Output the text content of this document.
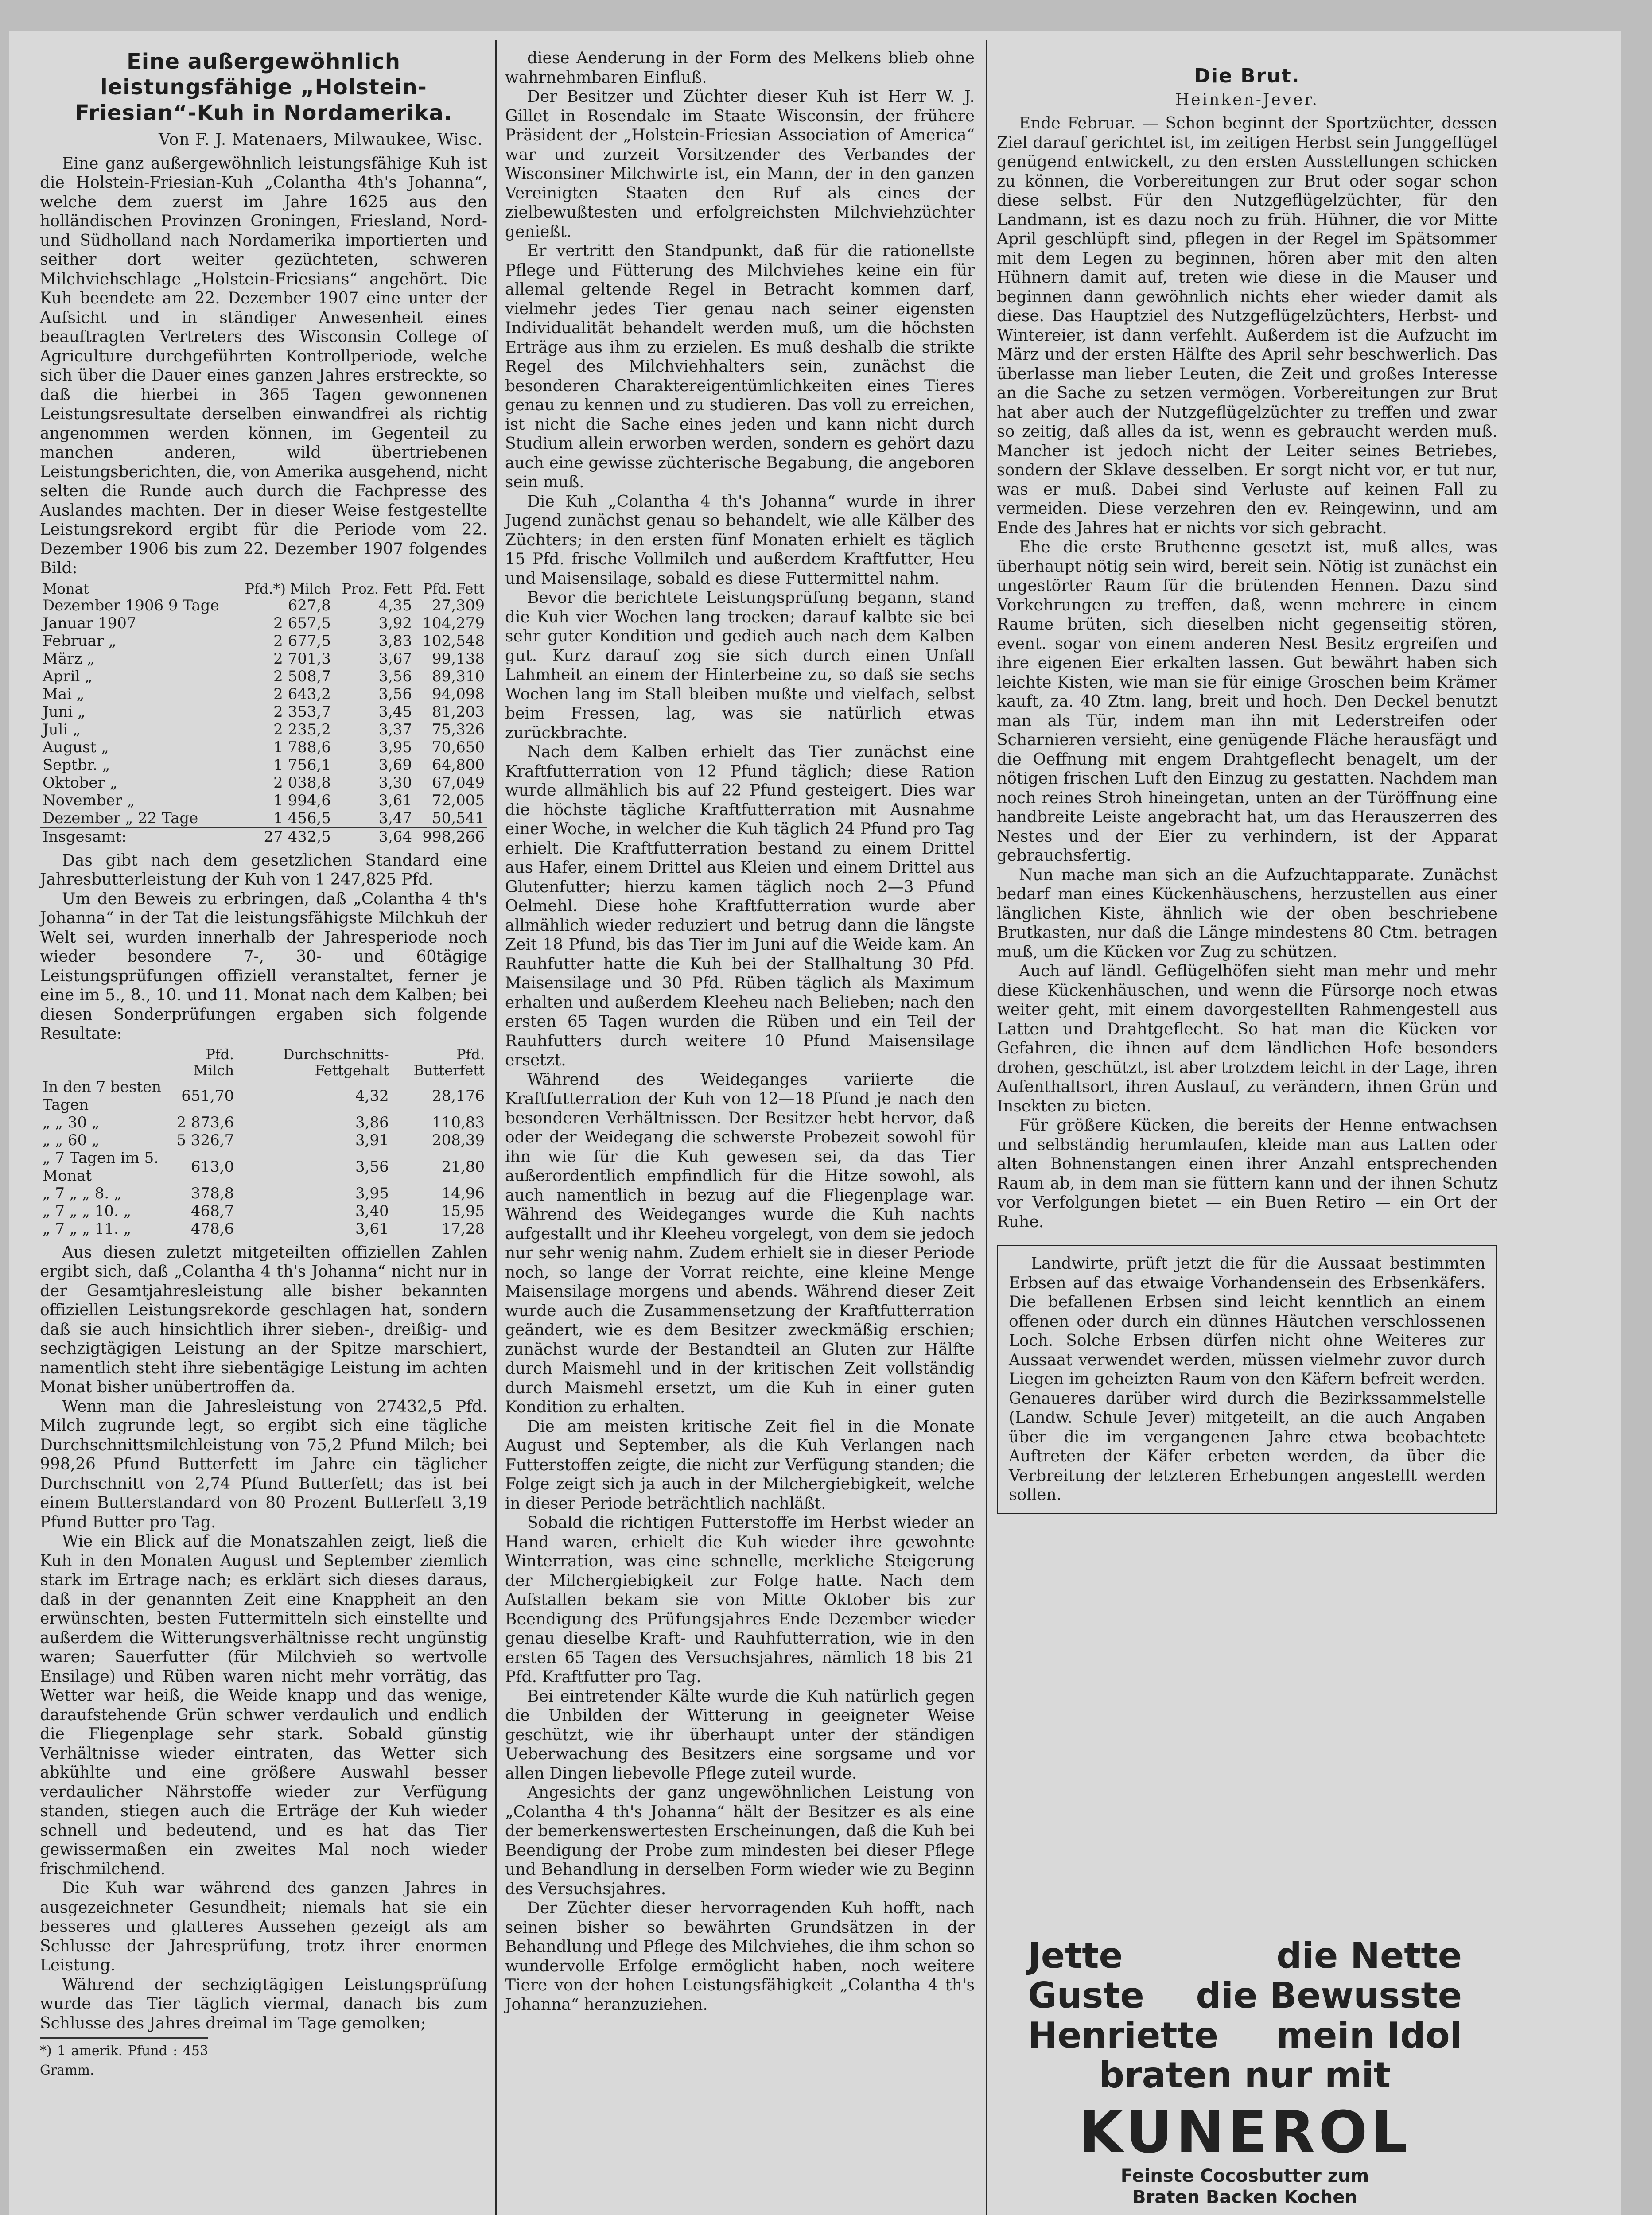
Eine außergewöhnlich leistungsfähige „Holstein-Friesian“-Kuh in Nordamerika.
Von F. J. Matenaers, Milwaukee, Wisc.

Eine ganz außergewöhnlich leistungsfähige Kuh ist die Holstein-Friesian-Kuh „Colantha 4th's Johanna“, welche dem zuerst im Jahre 1625 aus den holländischen Provinzen Groningen, Friesland, Nord- und Südholland nach Nordamerika importierten und seither dort weiter gezüchteten, schweren Milchviehschlage „Holstein-Friesians“ angehört. Die Kuh beendete am 22. Dezember 1907 eine unter der Aufsicht und in ständiger Anwesenheit eines beauftragten Vertreters des Wisconsin College of Agriculture durchgeführten Kontrollperiode, welche sich über die Dauer eines ganzen Jahres erstreckte, so daß die hierbei in 365 Tagen gewonnenen Leistungsresultate derselben einwandfrei als richtig angenommen werden können, im Gegenteil zu manchen anderen, wild übertriebenen Leistungsberichten, die, von Amerika ausgehend, nicht selten die Runde auch durch die Fachpresse des Auslandes machten. Der in dieser Weise festgestellte Leistungsrekord ergibt für die Periode vom 22. Dezember 1906 bis zum 22. Dezember 1907 folgendes Bild:

Monat	Pfd.*) Milch	Proz. Fett	Pfd. Fett
Dezember 1906 9 Tage	627,8	4,35	27,309
Januar 1907	2 657,5	3,92	104,279
Februar „	2 677,5	3,83	102,548
März „	2 701,3	3,67	99,138
April „	2 508,7	3,56	89,310
Mai „	2 643,2	3,56	94,098
Juni „	2 353,7	3,45	81,203
Juli „	2 235,2	3,37	75,326
August „	1 788,6	3,95	70,650
Septbr. „	1 756,1	3,69	64,800
Oktober „	2 038,8	3,30	67,049
November „	1 994,6	3,61	72,005
Dezember „ 22 Tage	1 456,5	3,47	50,541
Insgesamt:	27 432,5	3,64	998,266

Das gibt nach dem gesetzlichen Standard eine Jahresbutterleistung der Kuh von 1 247,825 Pfd.

Um den Beweis zu erbringen, daß „Colantha 4 th's Johanna“ in der Tat die leistungsfähigste Milchkuh der Welt sei, wurden innerhalb der Jahresperiode noch wieder besondere 7-, 30- und 60tägige Leistungsprüfungen offiziell veranstaltet, ferner je eine im 5., 8., 10. und 11. Monat nach dem Kalben; bei diesen Sonderprüfungen ergaben sich folgende Resultate:

	Pfd. Milch	Durchschnitts-Fettgehalt	Pfd. Butterfett
In den 7 besten Tagen	651,70	4,32	28,176
„ „ 30 „	2 873,6	3,86	110,83
„ „ 60 „	5 326,7	3,91	208,39
„ 7 Tagen im 5. Monat	613,0	3,56	21,80
„ 7 „ „ 8. „	378,8	3,95	14,96
„ 7 „ „ 10. „	468,7	3,40	15,95
„ 7 „ „ 11. „	478,6	3,61	17,28

Aus diesen zuletzt mitgeteilten offiziellen Zahlen ergibt sich, daß „Colantha 4 th's Johanna“ nicht nur in der Gesamtjahresleistung alle bisher bekannten offiziellen Leistungsrekorde geschlagen hat, sondern daß sie auch hinsichtlich ihrer sieben-, dreißig- und sechzigtägigen Leistung an der Spitze marschiert, namentlich steht ihre siebentägige Leistung im achten Monat bisher unübertroffen da.

Wenn man die Jahresleistung von 27432,5 Pfd. Milch zugrunde legt, so ergibt sich eine tägliche Durchschnittsmilchleistung von 75,2 Pfund Milch; bei 998,26 Pfund Butterfett im Jahre ein täglicher Durchschnitt von 2,74 Pfund Butterfett; das ist bei einem Butterstandard von 80 Prozent Butterfett 3,19 Pfund Butter pro Tag.

Wie ein Blick auf die Monatszahlen zeigt, ließ die Kuh in den Monaten August und September ziemlich stark im Ertrage nach; es erklärt sich dieses daraus, daß in der genannten Zeit eine Knappheit an den erwünschten, besten Futtermitteln sich einstellte und außerdem die Witterungsverhältnisse recht ungünstig waren; Sauerfutter (für Milchvieh so wertvolle Ensilage) und Rüben waren nicht mehr vorrätig, das Wetter war heiß, die Weide knapp und das wenige, daraufstehende Grün schwer verdaulich und endlich die Fliegenplage sehr stark. Sobald günstig Verhältnisse wieder eintraten, das Wetter sich abkühlte und eine größere Auswahl besser verdaulicher Nährstoffe wieder zur Verfügung standen, stiegen auch die Erträge der Kuh wieder schnell und bedeutend, und es hat das Tier gewissermaßen ein zweites Mal noch wieder frischmilchend.

Die Kuh war während des ganzen Jahres in ausgezeichneter Gesundheit; niemals hat sie ein besseres und glatteres Aussehen gezeigt als am Schlusse der Jahresprüfung, trotz ihrer enormen Leistung.

Während der sechzigtägigen Leistungsprüfung wurde das Tier täglich viermal, danach bis zum Schlusse des Jahres dreimal im Tage gemolken;

*) 1 amerik. Pfund : 453 Gramm.

diese Aenderung in der Form des Melkens blieb ohne wahrnehmbaren Einfluß.

Der Besitzer und Züchter dieser Kuh ist Herr W. J. Gillet in Rosendale im Staate Wisconsin, der frühere Präsident der „Holstein-Friesian Association of America“ war und zurzeit Vorsitzender des Verbandes der Wisconsiner Milchwirte ist, ein Mann, der in den ganzen Vereinigten Staaten den Ruf als eines der zielbewußtesten und erfolgreichsten Milchviehzüchter genießt.

Er vertritt den Standpunkt, daß für die rationellste Pflege und Fütterung des Milchviehes keine ein für allemal geltende Regel in Betracht kommen darf, vielmehr jedes Tier genau nach seiner eigensten Individualität behandelt werden muß, um die höchsten Erträge aus ihm zu erzielen. Es muß deshalb die strikte Regel des Milchviehhalters sein, zunächst die besonderen Charaktereigentümlichkeiten eines Tieres genau zu kennen und zu studieren. Das voll zu erreichen, ist nicht die Sache eines jeden und kann nicht durch Studium allein erworben werden, sondern es gehört dazu auch eine gewisse züchterische Begabung, die angeboren sein muß.

Die Kuh „Colantha 4 th's Johanna“ wurde in ihrer Jugend zunächst genau so behandelt, wie alle Kälber des Züchters; in den ersten fünf Monaten erhielt es täglich 15 Pfd. frische Vollmilch und außerdem Kraftfutter, Heu und Maisensilage, sobald es diese Futtermittel nahm.

Bevor die berichtete Leistungsprüfung begann, stand die Kuh vier Wochen lang trocken; darauf kalbte sie bei sehr guter Kondition und gedieh auch nach dem Kalben gut. Kurz darauf zog sie sich durch einen Unfall Lahmheit an einem der Hinterbeine zu, so daß sie sechs Wochen lang im Stall bleiben mußte und vielfach, selbst beim Fressen, lag, was sie natürlich etwas zurückbrachte.

Nach dem Kalben erhielt das Tier zunächst eine Kraftfutterration von 12 Pfund täglich; diese Ration wurde allmählich bis auf 22 Pfund gesteigert. Dies war die höchste tägliche Kraftfutterration mit Ausnahme einer Woche, in welcher die Kuh täglich 24 Pfund pro Tag erhielt. Die Kraftfutterration bestand zu einem Drittel aus Hafer, einem Drittel aus Kleien und einem Drittel aus Glutenfutter; hierzu kamen täglich noch 2—3 Pfund Oelmehl. Diese hohe Kraftfutterration wurde aber allmählich wieder reduziert und betrug dann die längste Zeit 18 Pfund, bis das Tier im Juni auf die Weide kam. An Rauhfutter hatte die Kuh bei der Stallhaltung 30 Pfd. Maisensilage und 30 Pfd. Rüben täglich als Maximum erhalten und außerdem Kleeheu nach Belieben; nach den ersten 65 Tagen wurden die Rüben und ein Teil der Rauhfutters durch weitere 10 Pfund Maisensilage ersetzt.

Während des Weideganges variierte die Kraftfutterration der Kuh von 12—18 Pfund je nach den besonderen Verhältnissen. Der Besitzer hebt hervor, daß oder der Weidegang die schwerste Probezeit sowohl für ihn wie für die Kuh gewesen sei, da das Tier außerordentlich empfindlich für die Hitze sowohl, als auch namentlich in bezug auf die Fliegenplage war. Während des Weideganges wurde die Kuh nachts aufgestallt und ihr Kleeheu vorgelegt, von dem sie jedoch nur sehr wenig nahm. Zudem erhielt sie in dieser Periode noch, so lange der Vorrat reichte, eine kleine Menge Maisensilage morgens und abends. Während dieser Zeit wurde auch die Zusammensetzung der Kraftfutterration geändert, wie es dem Besitzer zweckmäßig erschien; zunächst wurde der Bestandteil an Gluten zur Hälfte durch Maismehl und in der kritischen Zeit vollständig durch Maismehl ersetzt, um die Kuh in einer guten Kondition zu erhalten.

Die am meisten kritische Zeit fiel in die Monate August und September, als die Kuh Verlangen nach Futterstoffen zeigte, die nicht zur Verfügung standen; die Folge zeigt sich ja auch in der Milchergiebigkeit, welche in dieser Periode beträchtlich nachläßt.

Sobald die richtigen Futterstoffe im Herbst wieder an Hand waren, erhielt die Kuh wieder ihre gewohnte Winterration, was eine schnelle, merkliche Steigerung der Milchergiebigkeit zur Folge hatte. Nach dem Aufstallen bekam sie von Mitte Oktober bis zur Beendigung des Prüfungsjahres Ende Dezember wieder genau dieselbe Kraft- und Rauhfutterration, wie in den ersten 65 Tagen des Versuchsjahres, nämlich 18 bis 21 Pfd. Kraftfutter pro Tag.

Bei eintretender Kälte wurde die Kuh natürlich gegen die Unbilden der Witterung in geeigneter Weise geschützt, wie ihr überhaupt unter der ständigen Ueberwachung des Besitzers eine sorgsame und vor allen Dingen liebevolle Pflege zuteil wurde.

Angesichts der ganz ungewöhnlichen Leistung von „Colantha 4 th's Johanna“ hält der Besitzer es als eine der bemerkenswertesten Erscheinungen, daß die Kuh bei Beendigung der Probe zum mindesten bei dieser Pflege und Behandlung in derselben Form wieder wie zu Beginn des Versuchsjahres.

Der Züchter dieser hervorragenden Kuh hofft, nach seinen bisher so bewährten Grundsätzen in der Behandlung und Pflege des Milchviehes, die ihm schon so wundervolle Erfolge ermöglicht haben, noch weitere Tiere von der hohen Leistungsfähigkeit „Colantha 4 th's Johanna“ heranzuziehen.

Die Brut.
Heinken-Jever.

Ende Februar. — Schon beginnt der Sportzüchter, dessen Ziel darauf gerichtet ist, im zeitigen Herbst sein Junggeflügel genügend entwickelt, zu den ersten Ausstellungen schicken zu können, die Vorbereitungen zur Brut oder sogar schon diese selbst. Für den Nutzgeflügelzüchter, für den Landmann, ist es dazu noch zu früh. Hühner, die vor Mitte April geschlüpft sind, pflegen in der Regel im Spätsommer mit dem Legen zu beginnen, hören aber mit den alten Hühnern damit auf, treten wie diese in die Mauser und beginnen dann gewöhnlich nichts eher wieder damit als diese. Das Hauptziel des Nutzgeflügelzüchters, Herbst- und Wintereier, ist dann verfehlt. Außerdem ist die Aufzucht im März und der ersten Hälfte des April sehr beschwerlich. Das überlasse man lieber Leuten, die Zeit und großes Interesse an die Sache zu setzen vermögen. Vorbereitungen zur Brut hat aber auch der Nutzgeflügelzüchter zu treffen und zwar so zeitig, daß alles da ist, wenn es gebraucht werden muß. Mancher ist jedoch nicht der Leiter seines Betriebes, sondern der Sklave desselben. Er sorgt nicht vor, er tut nur, was er muß. Dabei sind Verluste auf keinen Fall zu vermeiden. Diese verzehren den ev. Reingewinn, und am Ende des Jahres hat er nichts vor sich gebracht.

Ehe die erste Bruthenne gesetzt ist, muß alles, was überhaupt nötig sein wird, bereit sein. Nötig ist zunächst ein ungestörter Raum für die brütenden Hennen. Dazu sind Vorkehrungen zu treffen, daß, wenn mehrere in einem Raume brüten, sich dieselben nicht gegenseitig stören, event. sogar von einem anderen Nest Besitz ergreifen und ihre eigenen Eier erkalten lassen. Gut bewährt haben sich leichte Kisten, wie man sie für einige Groschen beim Krämer kauft, za. 40 Ztm. lang, breit und hoch. Den Deckel benutzt man als Tür, indem man ihn mit Lederstreifen oder Scharnieren versieht, eine genügende Fläche herausfägt und die Oeffnung mit engem Drahtgeflecht benagelt, um der nötigen frischen Luft den Einzug zu gestatten. Nachdem man noch reines Stroh hineingetan, unten an der Türöffnung eine handbreite Leiste angebracht hat, um das Herauszerren des Nestes und der Eier zu verhindern, ist der Apparat gebrauchsfertig.

Nun mache man sich an die Aufzuchtapparate. Zunächst bedarf man eines Kückenhäuschens, herzustellen aus einer länglichen Kiste, ähnlich wie der oben beschriebene Brutkasten, nur daß die Länge mindestens 80 Ctm. betragen muß, um die Kücken vor Zug zu schützen.

Auch auf ländl. Geflügelhöfen sieht man mehr und mehr diese Kückenhäuschen, und wenn die Fürsorge noch etwas weiter geht, mit einem davorgestellten Rahmengestell aus Latten und Drahtgeflecht. So hat man die Kücken vor Gefahren, die ihnen auf dem ländlichen Hofe besonders drohen, geschützt, ist aber trotzdem leicht in der Lage, ihren Aufenthaltsort, ihren Auslauf, zu verändern, ihnen Grün und Insekten zu bieten.

Für größere Kücken, die bereits der Henne entwachsen und selbständig herumlaufen, kleide man aus Latten oder alten Bohnenstangen einen ihrer Anzahl entsprechenden Raum ab, in dem man sie füttern kann und der ihnen Schutz vor Verfolgungen bietet — ein Buen Retiro — ein Ort der Ruhe.

Landwirte, prüft jetzt die für die Aussaat bestimmten Erbsen auf das etwaige Vorhandensein des Erbsenkäfers. Die befallenen Erbsen sind leicht kenntlich an einem offenen oder durch ein dünnes Häutchen verschlossenen Loch. Solche Erbsen dürfen nicht ohne Weiteres zur Aussaat verwendet werden, müssen vielmehr zuvor durch Liegen im geheizten Raum von den Käfern befreit werden. Genaueres darüber wird durch die Bezirkssammelstelle (Landw. Schule Jever) mitgeteilt, an die auch Angaben über die im vergangenen Jahre etwa beobachtete Auftreten der Käfer erbeten werden, da über die Verbreitung der letzteren Erhebungen angestellt werden sollen.

Jette	die Nette
Guste die Bewusste
Henriette mein Idol
braten nur mit
KUNEROL
Feinste Cocosbutter zum
Braten Backen Kochen
